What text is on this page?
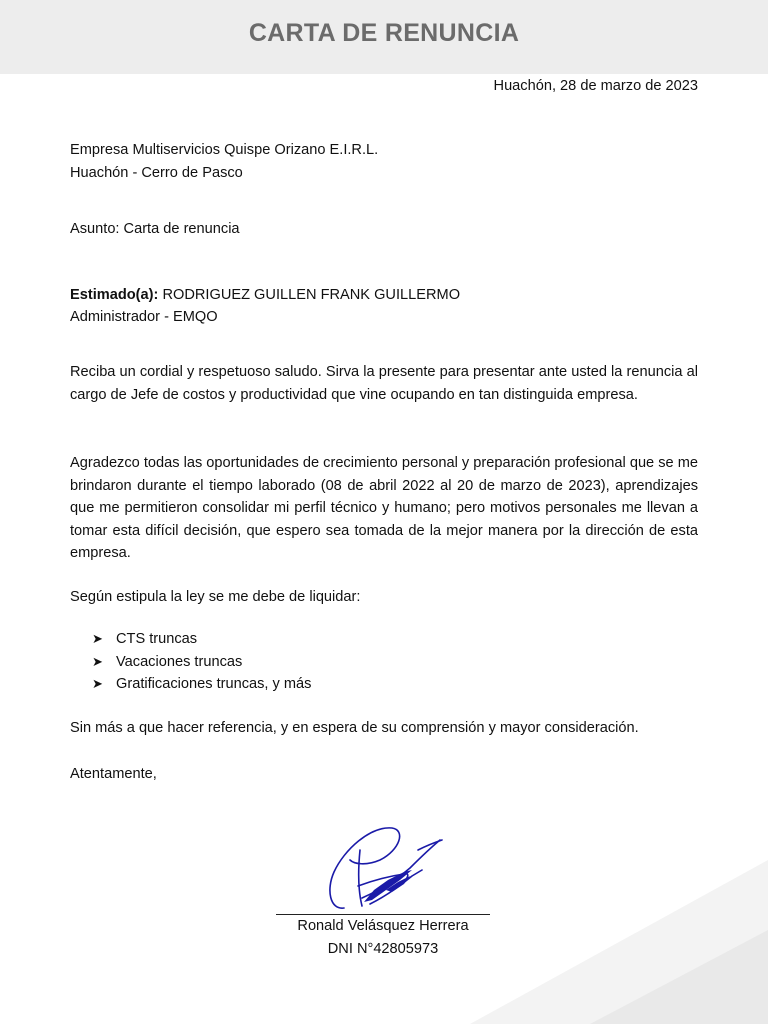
CARTA DE RENUNCIA
Huachón, 28 de marzo de 2023
Empresa Multiservicios Quispe Orizano E.I.R.L.
Huachón - Cerro de Pasco
Asunto: Carta de renuncia
Estimado(a): RODRIGUEZ GUILLEN FRANK GUILLERMO
Administrador - EMQO
Reciba un cordial y respetuoso saludo. Sirva la presente para presentar ante usted la renuncia al cargo de Jefe de costos y productividad que vine ocupando en tan distinguida empresa.
Agradezco todas las oportunidades de crecimiento personal y preparación profesional que se me brindaron durante el tiempo laborado (08 de abril 2022 al 20 de marzo de 2023), aprendizajes que me permitieron consolidar mi perfil técnico y humano; pero motivos personales me llevan a tomar esta difícil decisión, que espero sea tomada de la mejor manera por la dirección de esta empresa.
Según estipula la ley se me debe de liquidar:
➤ CTS truncas
➤ Vacaciones truncas
➤ Gratificaciones truncas, y más
Sin más a que hacer referencia, y en espera de su comprensión y mayor consideración.
Atentamente,
Ronald Velásquez Herrera
DNI N°42805973
